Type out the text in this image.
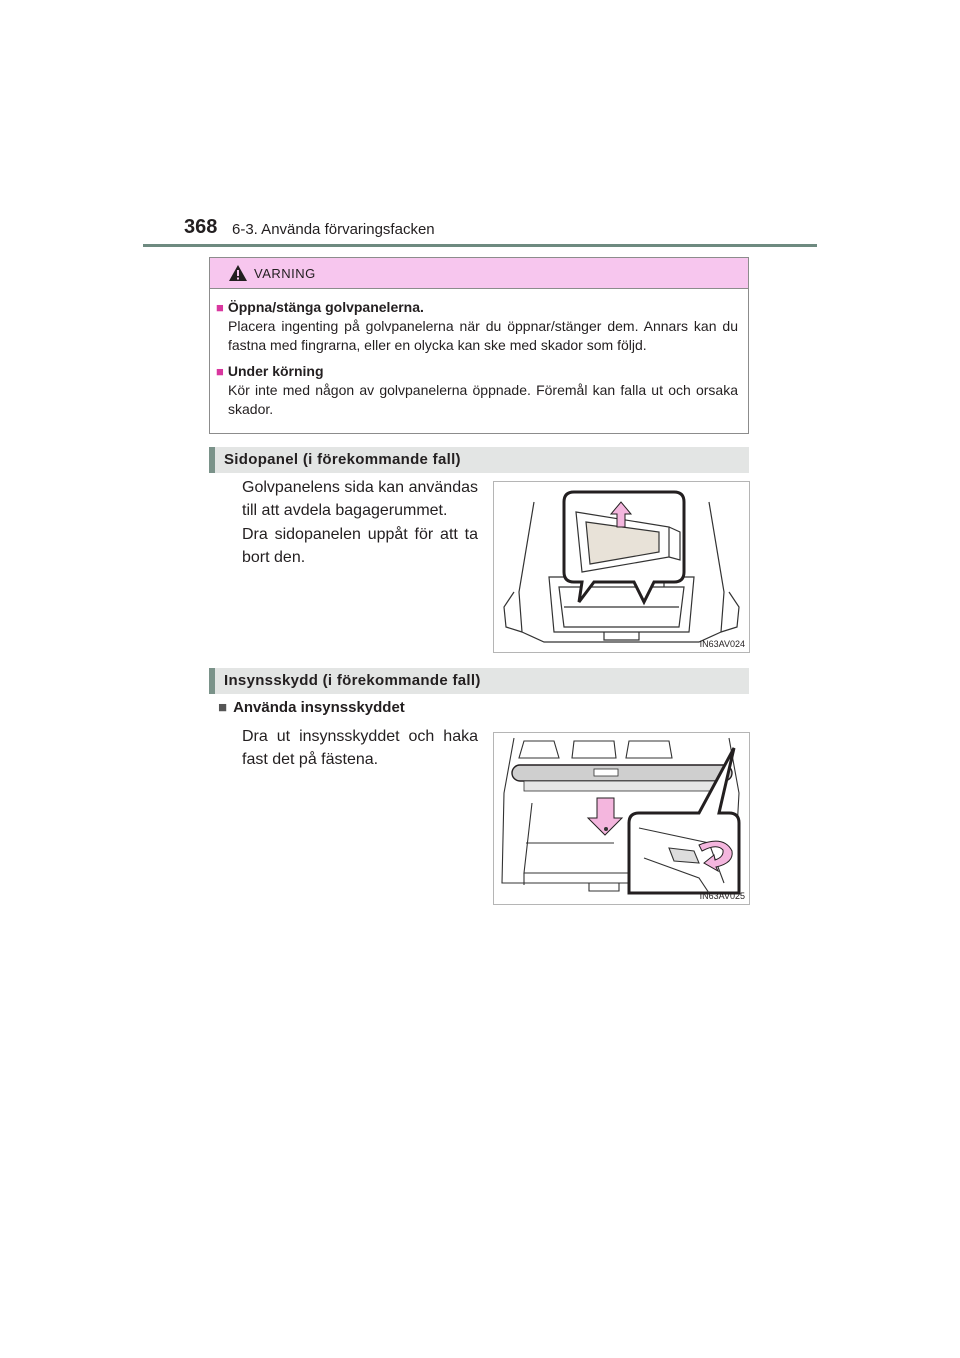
368 6-3. Använda förvaringsfacken
VARNING
■ Öppna/stänga golvpanelerna.
Placera ingenting på golvpanelerna när du öppnar/stänger dem. Annars kan du fastna med fingrarna, eller en olycka kan ske med skador som följd.
■ Under körning
Kör inte med någon av golvpanelerna öppnade. Föremål kan falla ut och orsaka skador.
Sidopanel (i förekommande fall)
Golvpanelens sida kan användas till att avdela bagagerummet.
Dra sidopanelen uppåt för att ta bort den.
IN63AV024
Insynsskydd (i förekommande fall)
■ Använda insynsskyddet
Dra ut insynsskyddet och haka fast det på fästena.
IN63AV025
